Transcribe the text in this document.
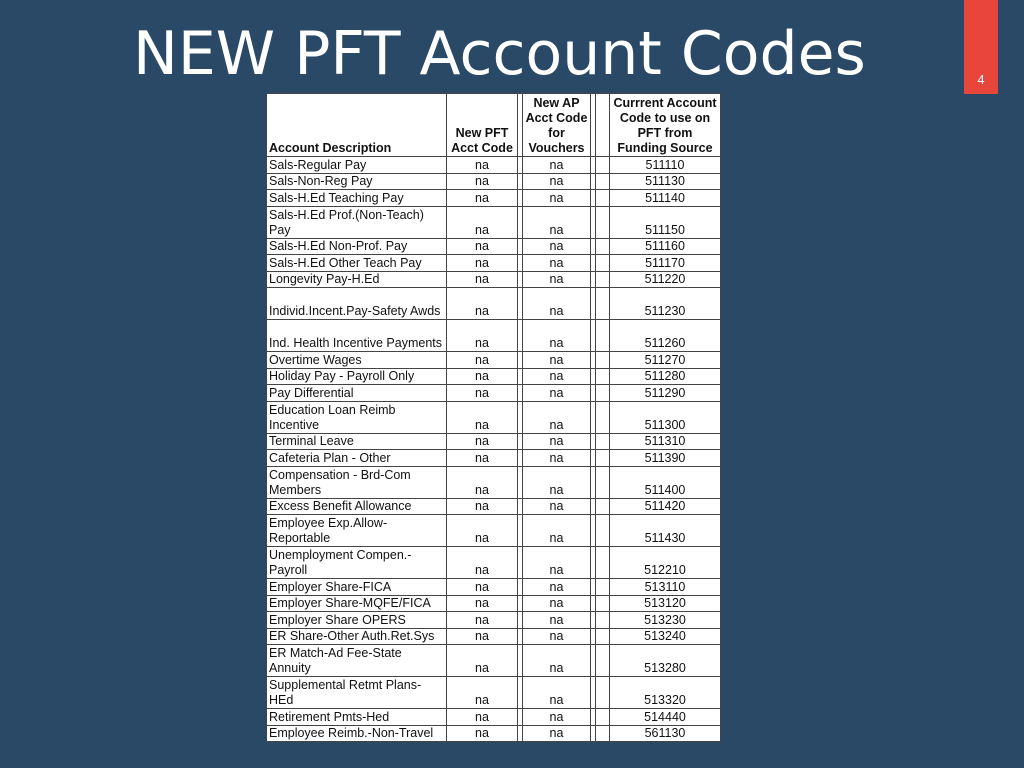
NEW PFT Account Codes	4
Account Description	New PFT Acct Code		New AP Acct Code for Vouchers			Currrent Account Code to use on PFT from Funding Source
Sals-Regular Pay	na		na			511110
Sals-Non-Reg Pay	na		na			511130
Sals-H.Ed Teaching Pay	na		na			511140
Sals-H.Ed Prof.(Non-Teach) Pay	na		na			511150
Sals-H.Ed Non-Prof. Pay	na		na			511160
Sals-H.Ed Other Teach Pay	na		na			511170
Longevity Pay-H.Ed	na		na			511220
Individ.Incent.Pay-Safety Awds	na		na			511230
Ind. Health Incentive Payments	na		na			511260
Overtime Wages	na		na			511270
Holiday Pay - Payroll Only	na		na			511280
Pay Differential	na		na			511290
Education Loan Reimb Incentive	na		na			511300
Terminal Leave	na		na			511310
Cafeteria Plan - Other	na		na			511390
Compensation - Brd-Com Members	na		na			511400
Excess Benefit Allowance	na		na			511420
Employee Exp.Allow-Reportable	na		na			511430
Unemployment Compen.-Payroll	na		na			512210
Employer Share-FICA	na		na			513110
Employer Share-MQFE/FICA	na		na			513120
Employer Share OPERS	na		na			513230
ER Share-Other Auth.Ret.Sys	na		na			513240
ER Match-Ad Fee-State Annuity	na		na			513280
Supplemental Retmt Plans-HEd	na		na			513320
Retirement Pmts-Hed	na		na			514440
Employee Reimb.-Non-Travel	na		na			561130
